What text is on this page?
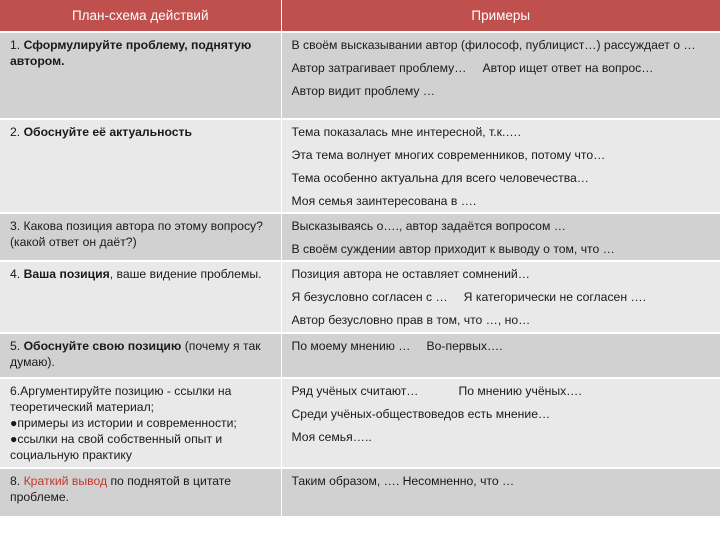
План-схема действий	Примеры
1. Сформулируйте проблему, поднятую автором.	В своём высказывании автор (философ, публицист…) рассуждает о …
Автор затрагивает проблему… Автор ищет ответ на вопрос…
Автор видит проблему …

2. Обоснуйте её актуальность	Тема показалась мне интересной, т.к.….
Эта тема волнует многих современников, потому что…
Тема особенно актуальна для всего человечества…
Моя семья заинтересована в ….

3. Какова позиция автора по этому вопросу? (какой ответ он даёт?)	Высказываясь о…., автор задаётся вопросом …
В своём суждении автор приходит к выводу о том, что …

4. Ваша позиция, ваше видение проблемы.	Позиция автора не оставляет сомнений…
Я безусловно согласен с … Я категорически не согласен ….
Автор безусловно прав в том, что …, но…

5. Обоснуйте свою позицию (почему я так думаю).	По моему мнению … Во-первых….

6.Аргументируйте позицию - ссылки на теоретический материал;
●примеры из истории и современности;
●ссылки на свой собственный опыт и социальную практику	Ряд учёных считают… По мнению учёных….
Среди учёных-обществоведов есть мнение…
Моя семья…..

8. Краткий вывод по поднятой в цитате проблеме.	Таким образом, …. Несомненно, что …
